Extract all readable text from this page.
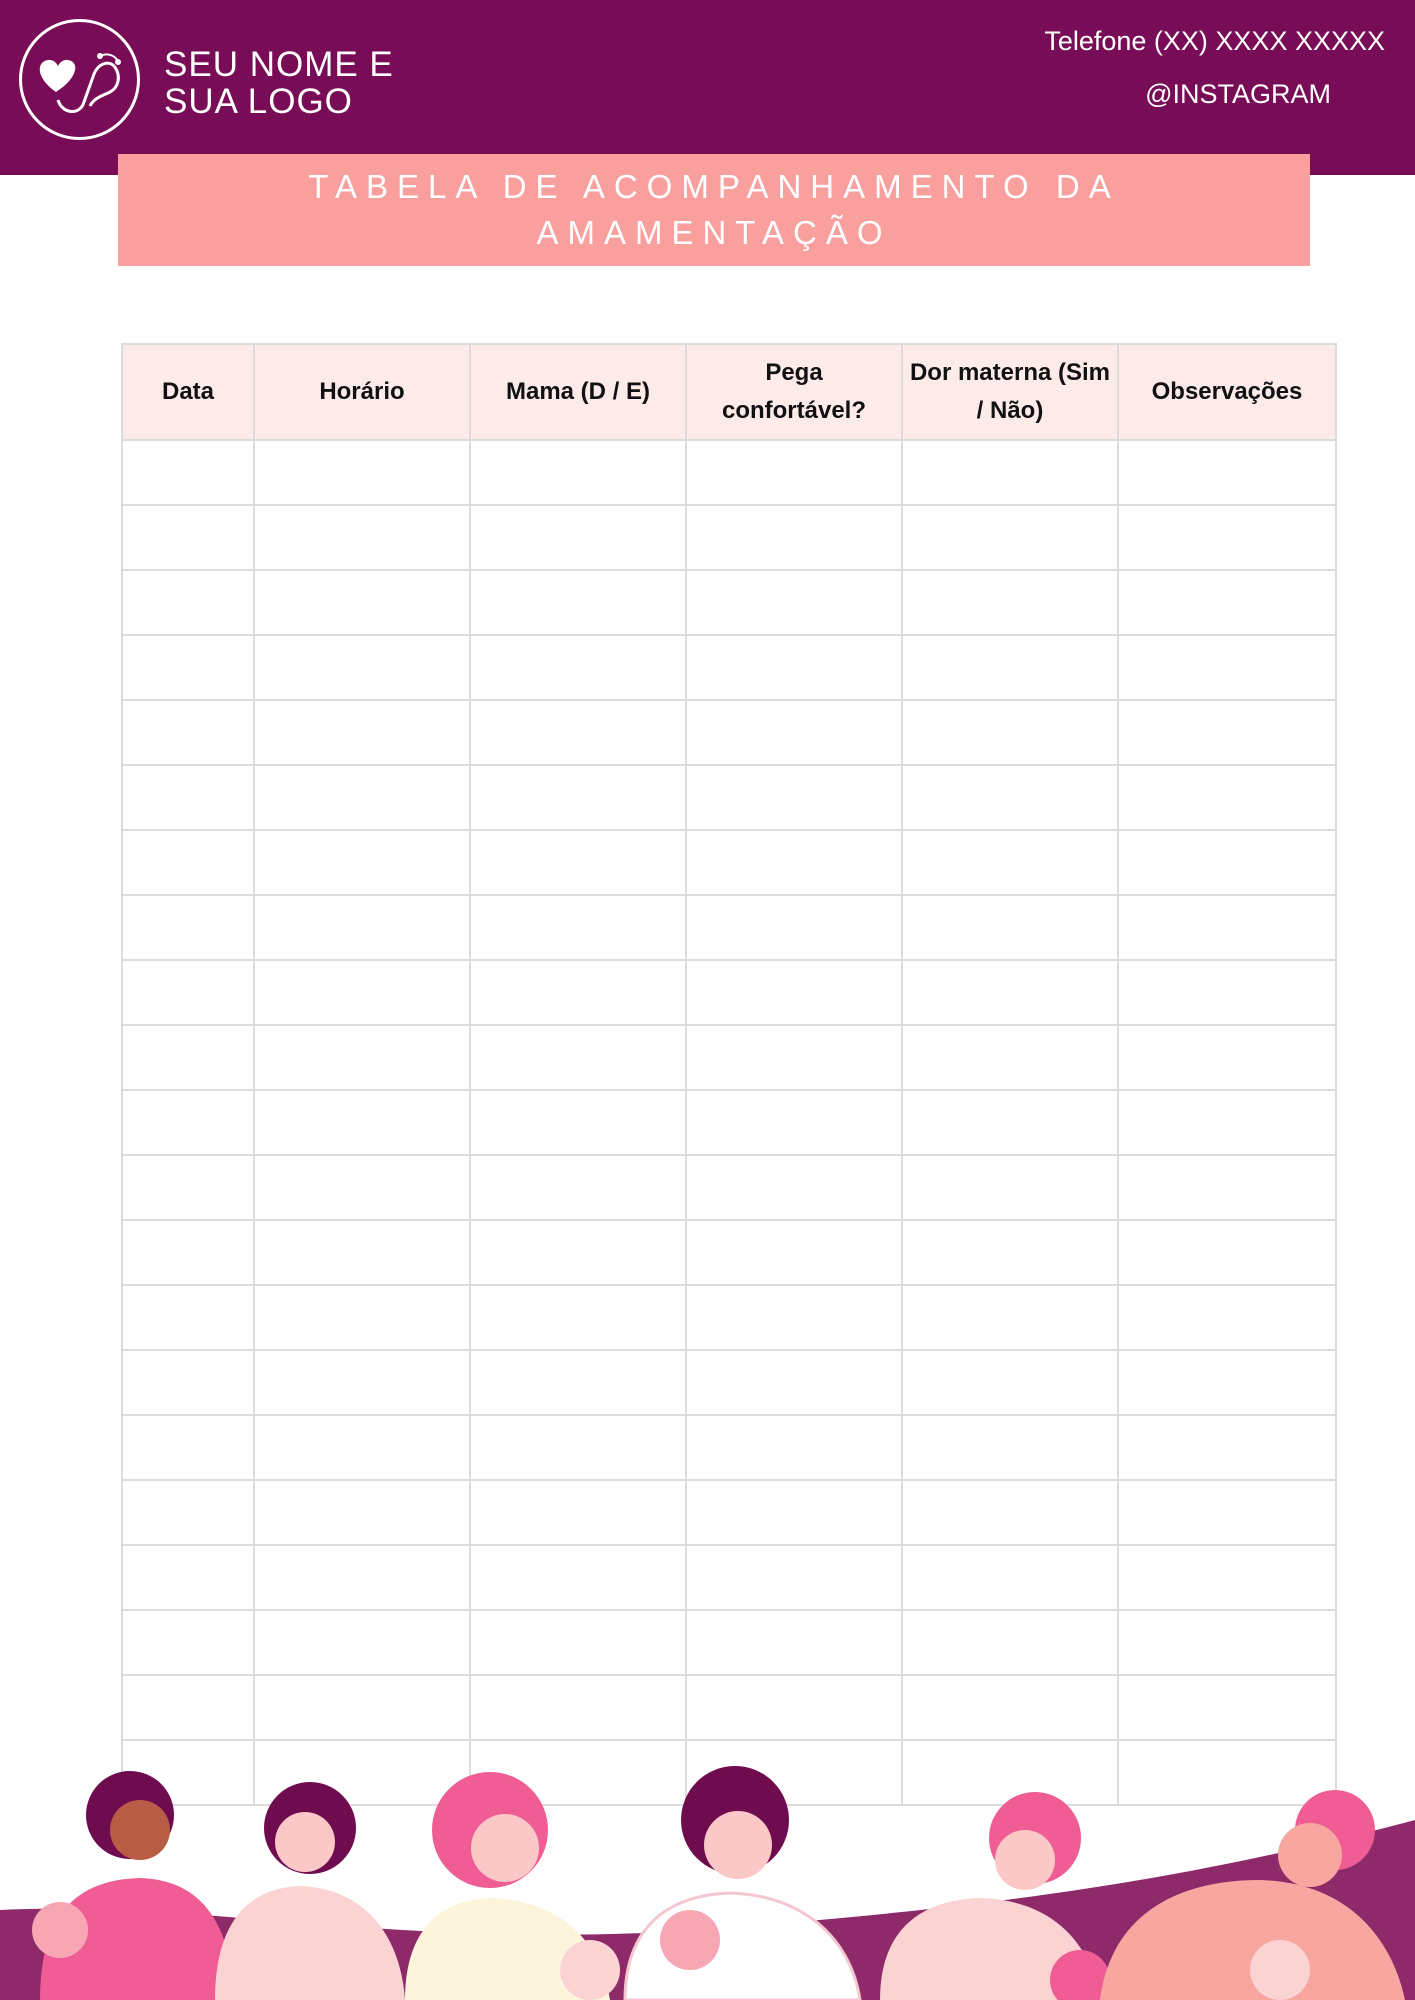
SEU NOME E
SUA LOGO
Telefone (XX) XXXX XXXXX
@INSTAGRAM
TABELA DE ACOMPANHAMENTO DA AMAMENTAÇÃO
Data	Horário	Mama (D / E)	Pega confortável?	Dor materna (Sim / Não)	Observações
